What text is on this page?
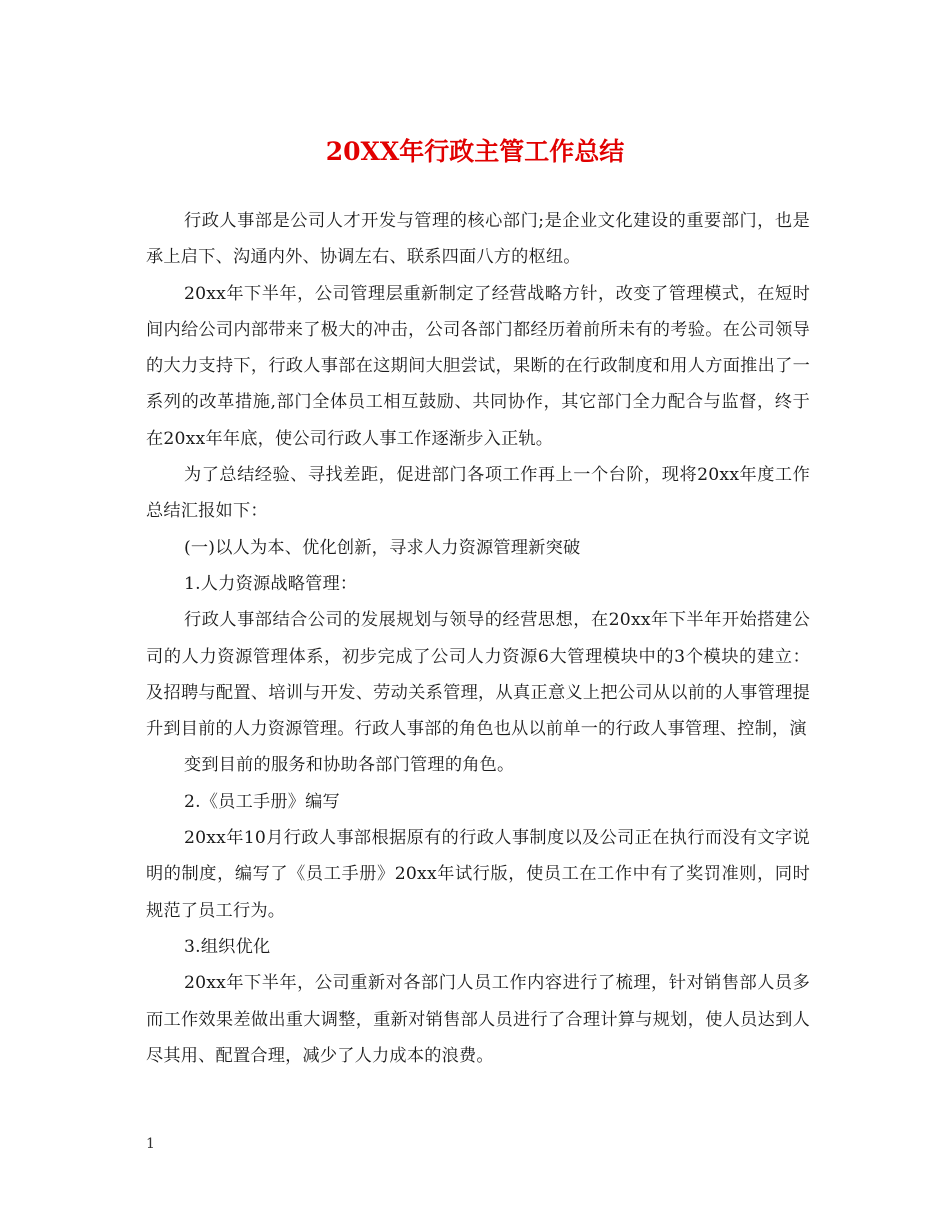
20XX年行政主管工作总结

行政人事部是公司人才开发与管理的核心部门;是企业文化建设的重要部门，也是承上启下、沟通内外、协调左右、联系四面八方的枢纽。

20xx年下半年，公司管理层重新制定了经营战略方针，改变了管理模式，在短时间内给公司内部带来了极大的冲击，公司各部门都经历着前所未有的考验。在公司领导的大力支持下，行政人事部在这期间大胆尝试，果断的在行政制度和用人方面推出了一系列的改革措施,部门全体员工相互鼓励、共同协作，其它部门全力配合与监督，终于在20xx年年底，使公司行政人事工作逐渐步入正轨。

为了总结经验、寻找差距，促进部门各项工作再上一个台阶，现将20xx年度工作总结汇报如下：

(一)以人为本、优化创新，寻求人力资源管理新突破

1.人力资源战略管理：

行政人事部结合公司的发展规划与领导的经营思想，在20xx年下半年开始搭建公司的人力资源管理体系，初步完成了公司人力资源6大管理模块中的3个模块的建立：及招聘与配置、培训与开发、劳动关系管理，从真正意义上把公司从以前的人事管理提升到目前的人力资源管理。行政人事部的角色也从以前单一的行政人事管理、控制，演

变到目前的服务和协助各部门管理的角色。

2.《员工手册》编写

20xx年10月行政人事部根据原有的行政人事制度以及公司正在执行而没有文字说明的制度，编写了《员工手册》20xx年试行版，使员工在工作中有了奖罚准则，同时规范了员工行为。

3.组织优化

20xx年下半年，公司重新对各部门人员工作内容进行了梳理，针对销售部人员多而工作效果差做出重大调整，重新对销售部人员进行了合理计算与规划，使人员达到人尽其用、配置合理，减少了人力成本的浪费。

1
